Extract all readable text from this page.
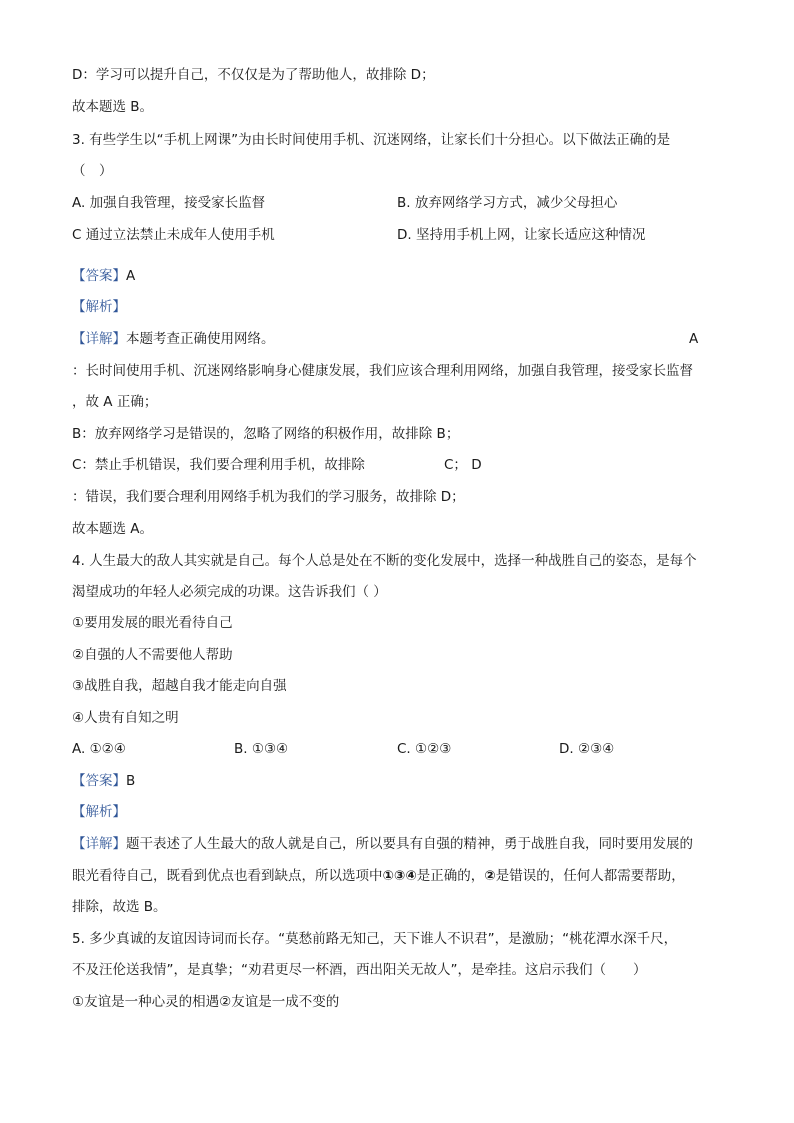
D：学习可以提升自己，不仅仅是为了帮助他人，故排除 D；
故本题选 B。
3. 有些学生以“手机上网课”为由长时间使用手机、沉迷网络，让家长们十分担心。以下做法正确的是
（　）
A. 加强自我管理，接受家长监督	B. 放弃网络学习方式，减少父母担心
C 通过立法禁止未成年人使用手机	D. 坚持用手机上网，让家长适应这种情况
【答案】A
【解析】
【详解】本题考查正确使用网络。	A
：长时间使用手机、沉迷网络影响身心健康发展，我们应该合理利用网络，加强自我管理，接受家长监督
，故 A 正确；
B：放弃网络学习是错误的，忽略了网络的积极作用，故排除 B；
C：禁止手机错误，我们要合理利用手机，故排除	C； D
：错误，我们要合理利用网络手机为我们的学习服务，故排除 D；
故本题选 A。
4. 人生最大的敌人其实就是自己。每个人总是处在不断的变化发展中，选择一种战胜自己的姿态，是每个
渴望成功的年轻人必须完成的功课。这告诉我们（ ）
①要用发展的眼光看待自己
②自强的人不需要他人帮助
③战胜自我，超越自我才能走向自强
④人贵有自知之明
A. ①②④	B. ①③④	C. ①②③	D. ②③④
【答案】B
【解析】
【详解】题干表述了人生最大的敌人就是自己，所以要具有自强的精神，勇于战胜自我，同时要用发展的
眼光看待自己，既看到优点也看到缺点，所以选项中①③④是正确的，②是错误的，任何人都需要帮助，
排除，故选 B。
5. 多少真诚的友谊因诗词而长存。“莫愁前路无知己，天下谁人不识君”，是激励；“桃花潭水深千尺，
不及汪伦送我情”，是真挚；“劝君更尽一杯酒，西出阳关无故人”，是牵挂。这启示我们（　　）
①友谊是一种心灵的相遇②友谊是一成不变的
